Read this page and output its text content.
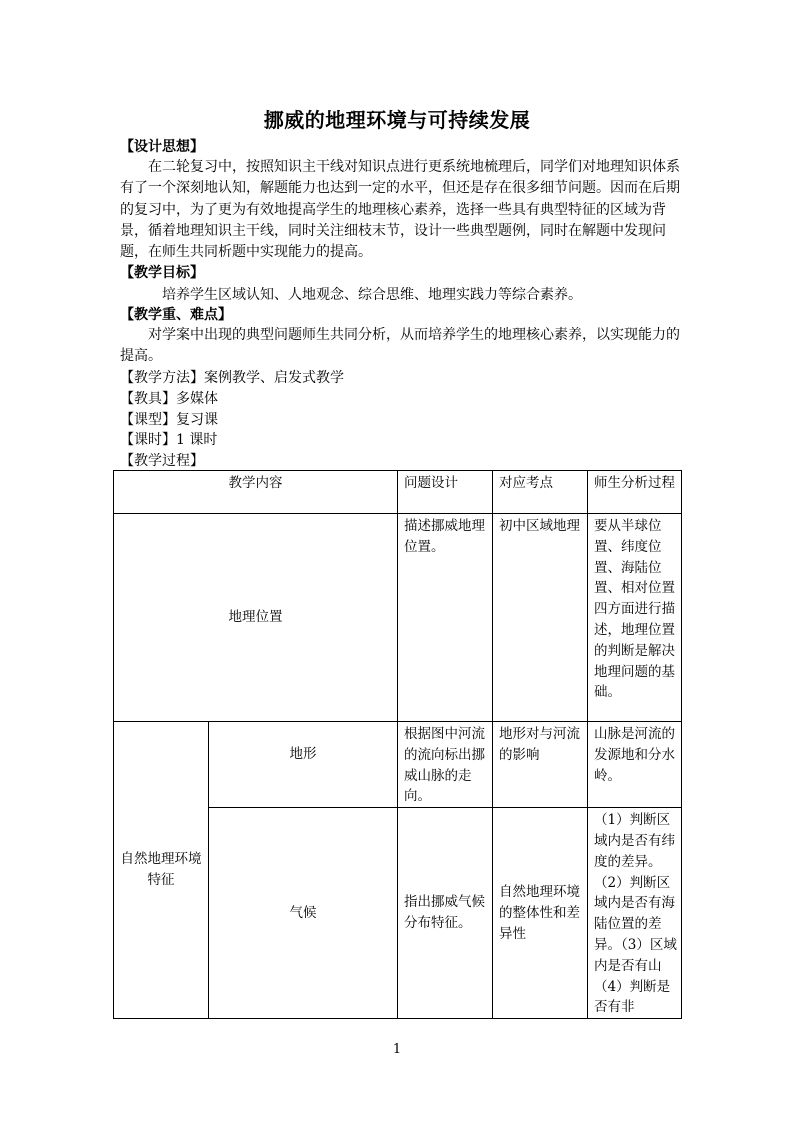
挪威的地理环境与可持续发展
【设计思想】
在二轮复习中，按照知识主干线对知识点进行更系统地梳理后，同学们对地理知识体系有了一个深刻地认知，解题能力也达到一定的水平，但还是存在很多细节问题。因而在后期的复习中，为了更为有效地提高学生的地理核心素养，选择一些具有典型特征的区域为背景，循着地理知识主干线，同时关注细枝末节，设计一些典型题例，同时在解题中发现问题，在师生共同析题中实现能力的提高。
【教学目标】
培养学生区域认知、人地观念、综合思维、地理实践力等综合素养。
【教学重、难点】
对学案中出现的典型问题师生共同分析，从而培养学生的地理核心素养，以实现能力的提高。
【教学方法】案例教学、启发式教学
【教具】多媒体
【课型】复习课
【课时】1 课时
【教学过程】
教学内容		问题设计	对应考点	师生分析过程
地理位置		描述挪威地理位置。	初中区域地理	要从半球位置、纬度位置、海陆位置、相对位置四方面进行描述，地理位置的判断是解决地理问题的基础。
自然地理环境特征	地形	根据图中河流的流向标出挪威山脉的走向。	地形对与河流的影响	山脉是河流的发源地和分水岭。
	气候	指出挪威气候分布特征。	自然地理环境的整体性和差异性	（1）判断区域内是否有纬度的差异。（2）判断区域内是否有海陆位置的差异。（3）区域内是否有山（4）判断是否有非
1
